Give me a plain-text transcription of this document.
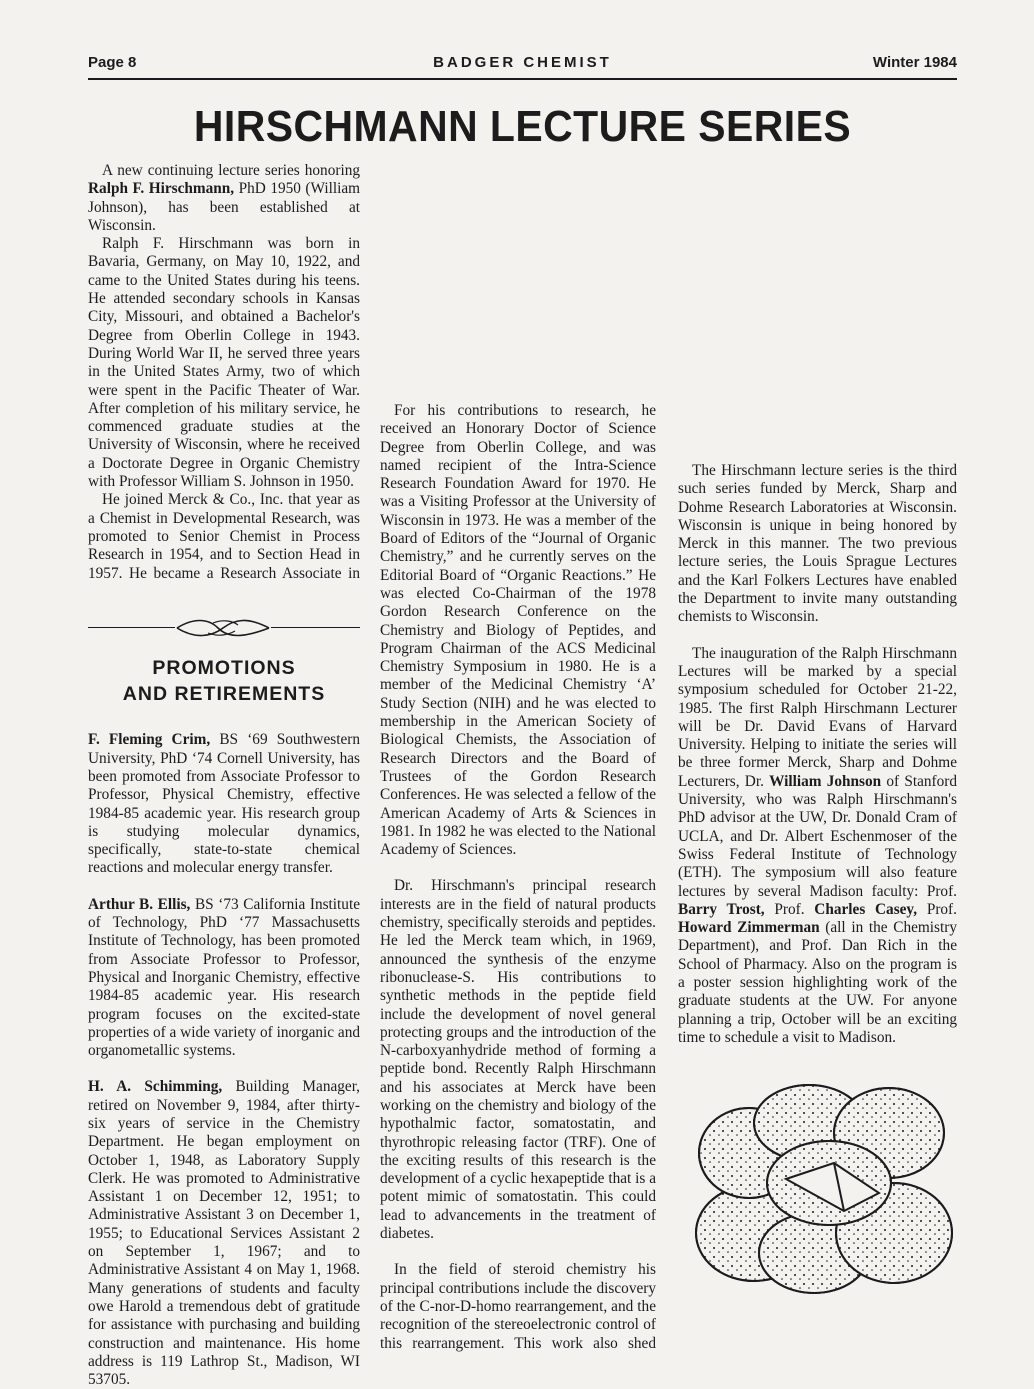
Page 8	BADGER CHEMIST	Winter 1984
HIRSCHMANN LECTURE SERIES

A new continuing lecture series honoring Ralph F. Hirschmann, PhD 1950 (William Johnson), has been established at Wisconsin.

Ralph F. Hirschmann was born in Bavaria, Germany, on May 10, 1922, and came to the United States during his teens. He attended secondary schools in Kansas City, Missouri, and obtained a Bachelor's Degree from Oberlin College in 1943. During World War II, he served three years in the United States Army, two of which were spent in the Pacific Theater of War. After completion of his military service, he commenced graduate studies at the University of Wisconsin, where he received a Doctorate Degree in Organic Chemistry with Professor William S. Johnson in 1950.

He joined Merck & Co., Inc. that year as a Chemist in Developmental Research, was promoted to Senior Chemist in Process Research in 1954, and to Section Head in 1957. He became a Research Associate in

PROMOTIONS
AND RETIREMENTS

F. Fleming Crim, BS ‘69 Southwestern University, PhD ‘74 Cornell University, has been promoted from Associate Professor to Professor, Physical Chemistry, effective 1984-85 academic year. His research group is studying molecular dynamics, specifically, state-to-state chemical reactions and molecular energy transfer.

Arthur B. Ellis, BS ‘73 California Institute of Technology, PhD ‘77 Massachusetts Institute of Technology, has been promoted from Associate Professor to Professor, Physical and Inorganic Chemistry, effective 1984-85 academic year. His research program focuses on the excited-state properties of a wide variety of inorganic and organometallic systems.

H. A. Schimming, Building Manager, retired on November 9, 1984, after thirty-six years of service in the Chemistry Department. He began employment on October 1, 1948, as Laboratory Supply Clerk. He was promoted to Administrative Assistant 1 on December 12, 1951; to Administrative Assistant 3 on December 1, 1955; to Educational Services Assistant 2 on September 1, 1967; and to Administrative Assistant 4 on May 1, 1968. Many generations of students and faculty owe Harold a tremendous debt of gratitude for assistance with purchasing and building construction and maintenance. His home address is 119 Lathrop St., Madison, WI 53705.

For his contributions to research, he received an Honorary Doctor of Science Degree from Oberlin College, and was named recipient of the Intra-Science Research Foundation Award for 1970. He was a Visiting Professor at the University of Wisconsin in 1973. He was a member of the Board of Editors of the “Journal of Organic Chemistry,” and he currently serves on the Editorial Board of “Organic Reactions.” He was elected Co-Chairman of the 1978 Gordon Research Conference on the Chemistry and Biology of Peptides, and Program Chairman of the ACS Medicinal Chemistry Symposium in 1980. He is a member of the Medicinal Chemistry ‘A’ Study Section (NIH) and he was elected to membership in the American Society of Biological Chemists, the Association of Research Directors and the Board of Trustees of the Gordon Research Conferences. He was selected a fellow of the American Academy of Arts & Sciences in 1981. In 1982 he was elected to the National Academy of Sciences.

Dr. Hirschmann's principal research interests are in the field of natural products chemistry, specifically steroids and peptides. He led the Merck team which, in 1969, announced the synthesis of the enzyme ribonuclease-S. His contributions to synthetic methods in the peptide field include the development of novel general protecting groups and the introduction of the N-carboxyanhydride method of forming a peptide bond. Recently Ralph Hirschmann and his associates at Merck have been working on the chemistry and biology of the hypothalmic factor, somatostatin, and thyrothropic releasing factor (TRF). One of the exciting results of this research is the development of a cyclic hexapeptide that is a potent mimic of somatostatin. This could lead to advancements in the treatment of diabetes.

In the field of steroid chemistry his principal contributions include the discovery of the C-nor-D-homo rearrangement, and the recognition of the stereoelectronic control of this rearrangement. This work also shed

The Hirschmann lecture series is the third such series funded by Merck, Sharp and Dohme Research Laboratories at Wisconsin. Wisconsin is unique in being honored by Merck in this manner. The two previous lecture series, the Louis Sprague Lectures and the Karl Folkers Lectures have enabled the Department to invite many outstanding chemists to Wisconsin.

The inauguration of the Ralph Hirschmann Lectures will be marked by a special symposium scheduled for October 21-22, 1985. The first Ralph Hirschmann Lecturer will be Dr. David Evans of Harvard University. Helping to initiate the series will be three former Merck, Sharp and Dohme Lecturers, Dr. William Johnson of Stanford University, who was Ralph Hirschmann's PhD advisor at the UW, Dr. Donald Cram of UCLA, and Dr. Albert Eschenmoser of the Swiss Federal Institute of Technology (ETH). The symposium will also feature lectures by several Madison faculty: Prof. Barry Trost, Prof. Charles Casey, Prof. Howard Zimmerman (all in the Chemistry Department), and Prof. Dan Rich in the School of Pharmacy. Also on the program is a poster session highlighting work of the graduate students at the UW. For anyone planning a trip, October will be an exciting time to schedule a visit to Madison.
